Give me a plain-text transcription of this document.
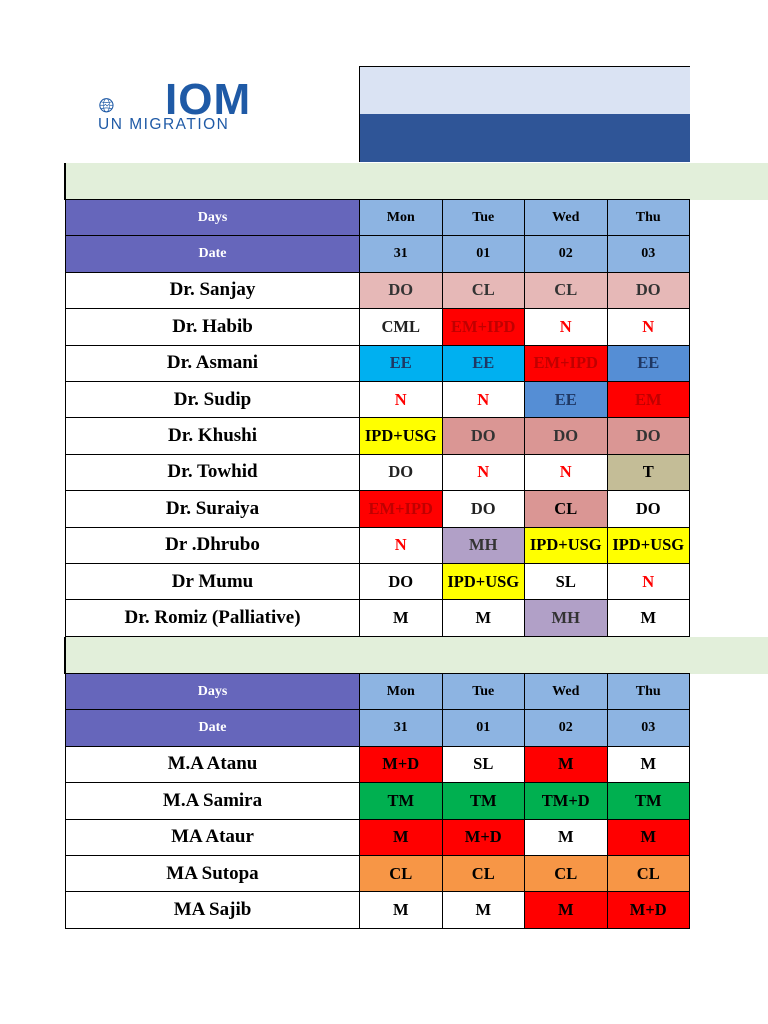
IOM
UN MIGRATION
Days	Mon	Tue	Wed	Thu
Date	31	01	02	03
Dr. Sanjay	DO	CL	CL	DO
Dr. Habib	CML	EM+IPD	N	N
Dr. Asmani	EE	EE	EM+IPD	EE
Dr. Sudip	N	N	EE	EM
Dr. Khushi	IPD+USG	DO	DO	DO
Dr. Towhid	DO	N	N	T
Dr. Suraiya	EM+IPD	DO	CL	DO
Dr .Dhrubo	N	MH	IPD+USG	IPD+USG
Dr Mumu	DO	IPD+USG	SL	N
Dr. Romiz (Palliative)	M	M	MH	M
Days	Mon	Tue	Wed	Thu
Date	31	01	02	03
M.A Atanu	M+D	SL	M	M
M.A Samira	TM	TM	TM+D	TM
MA Ataur	M	M+D	M	M
MA Sutopa	CL	CL	CL	CL
MA Sajib	M	M	M	M+D
